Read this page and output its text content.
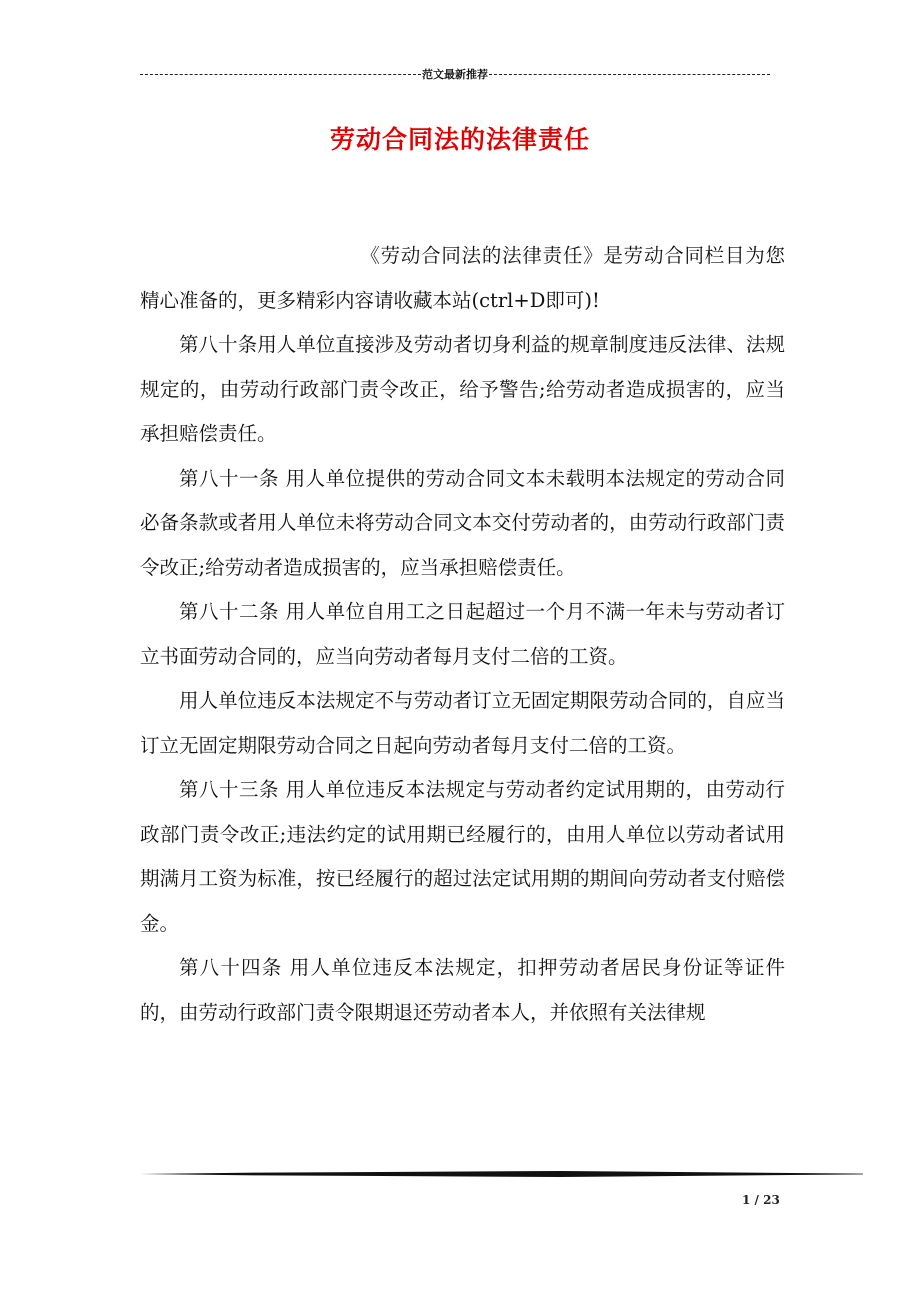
范文最新推荐
劳动合同法的法律责任

《劳动合同法的法律责任》是劳动合同栏目为您精心准备的，更多精彩内容请收藏本站(ctrl+D即可)!

第八十条用人单位直接涉及劳动者切身利益的规章制度违反法律、法规规定的，由劳动行政部门责令改正，给予警告;给劳动者造成损害的，应当承担赔偿责任。

第八十一条 用人单位提供的劳动合同文本未载明本法规定的劳动合同必备条款或者用人单位未将劳动合同文本交付劳动者的，由劳动行政部门责令改正;给劳动者造成损害的，应当承担赔偿责任。

第八十二条 用人单位自用工之日起超过一个月不满一年未与劳动者订立书面劳动合同的，应当向劳动者每月支付二倍的工资。

用人单位违反本法规定不与劳动者订立无固定期限劳动合同的，自应当订立无固定期限劳动合同之日起向劳动者每月支付二倍的工资。

第八十三条 用人单位违反本法规定与劳动者约定试用期的，由劳动行政部门责令改正;违法约定的试用期已经履行的，由用人单位以劳动者试用期满月工资为标准，按已经履行的超过法定试用期的期间向劳动者支付赔偿金。

第八十四条 用人单位违反本法规定，扣押劳动者居民身份证等证件的，由劳动行政部门责令限期退还劳动者本人，并依照有关法律规

1 / 23
